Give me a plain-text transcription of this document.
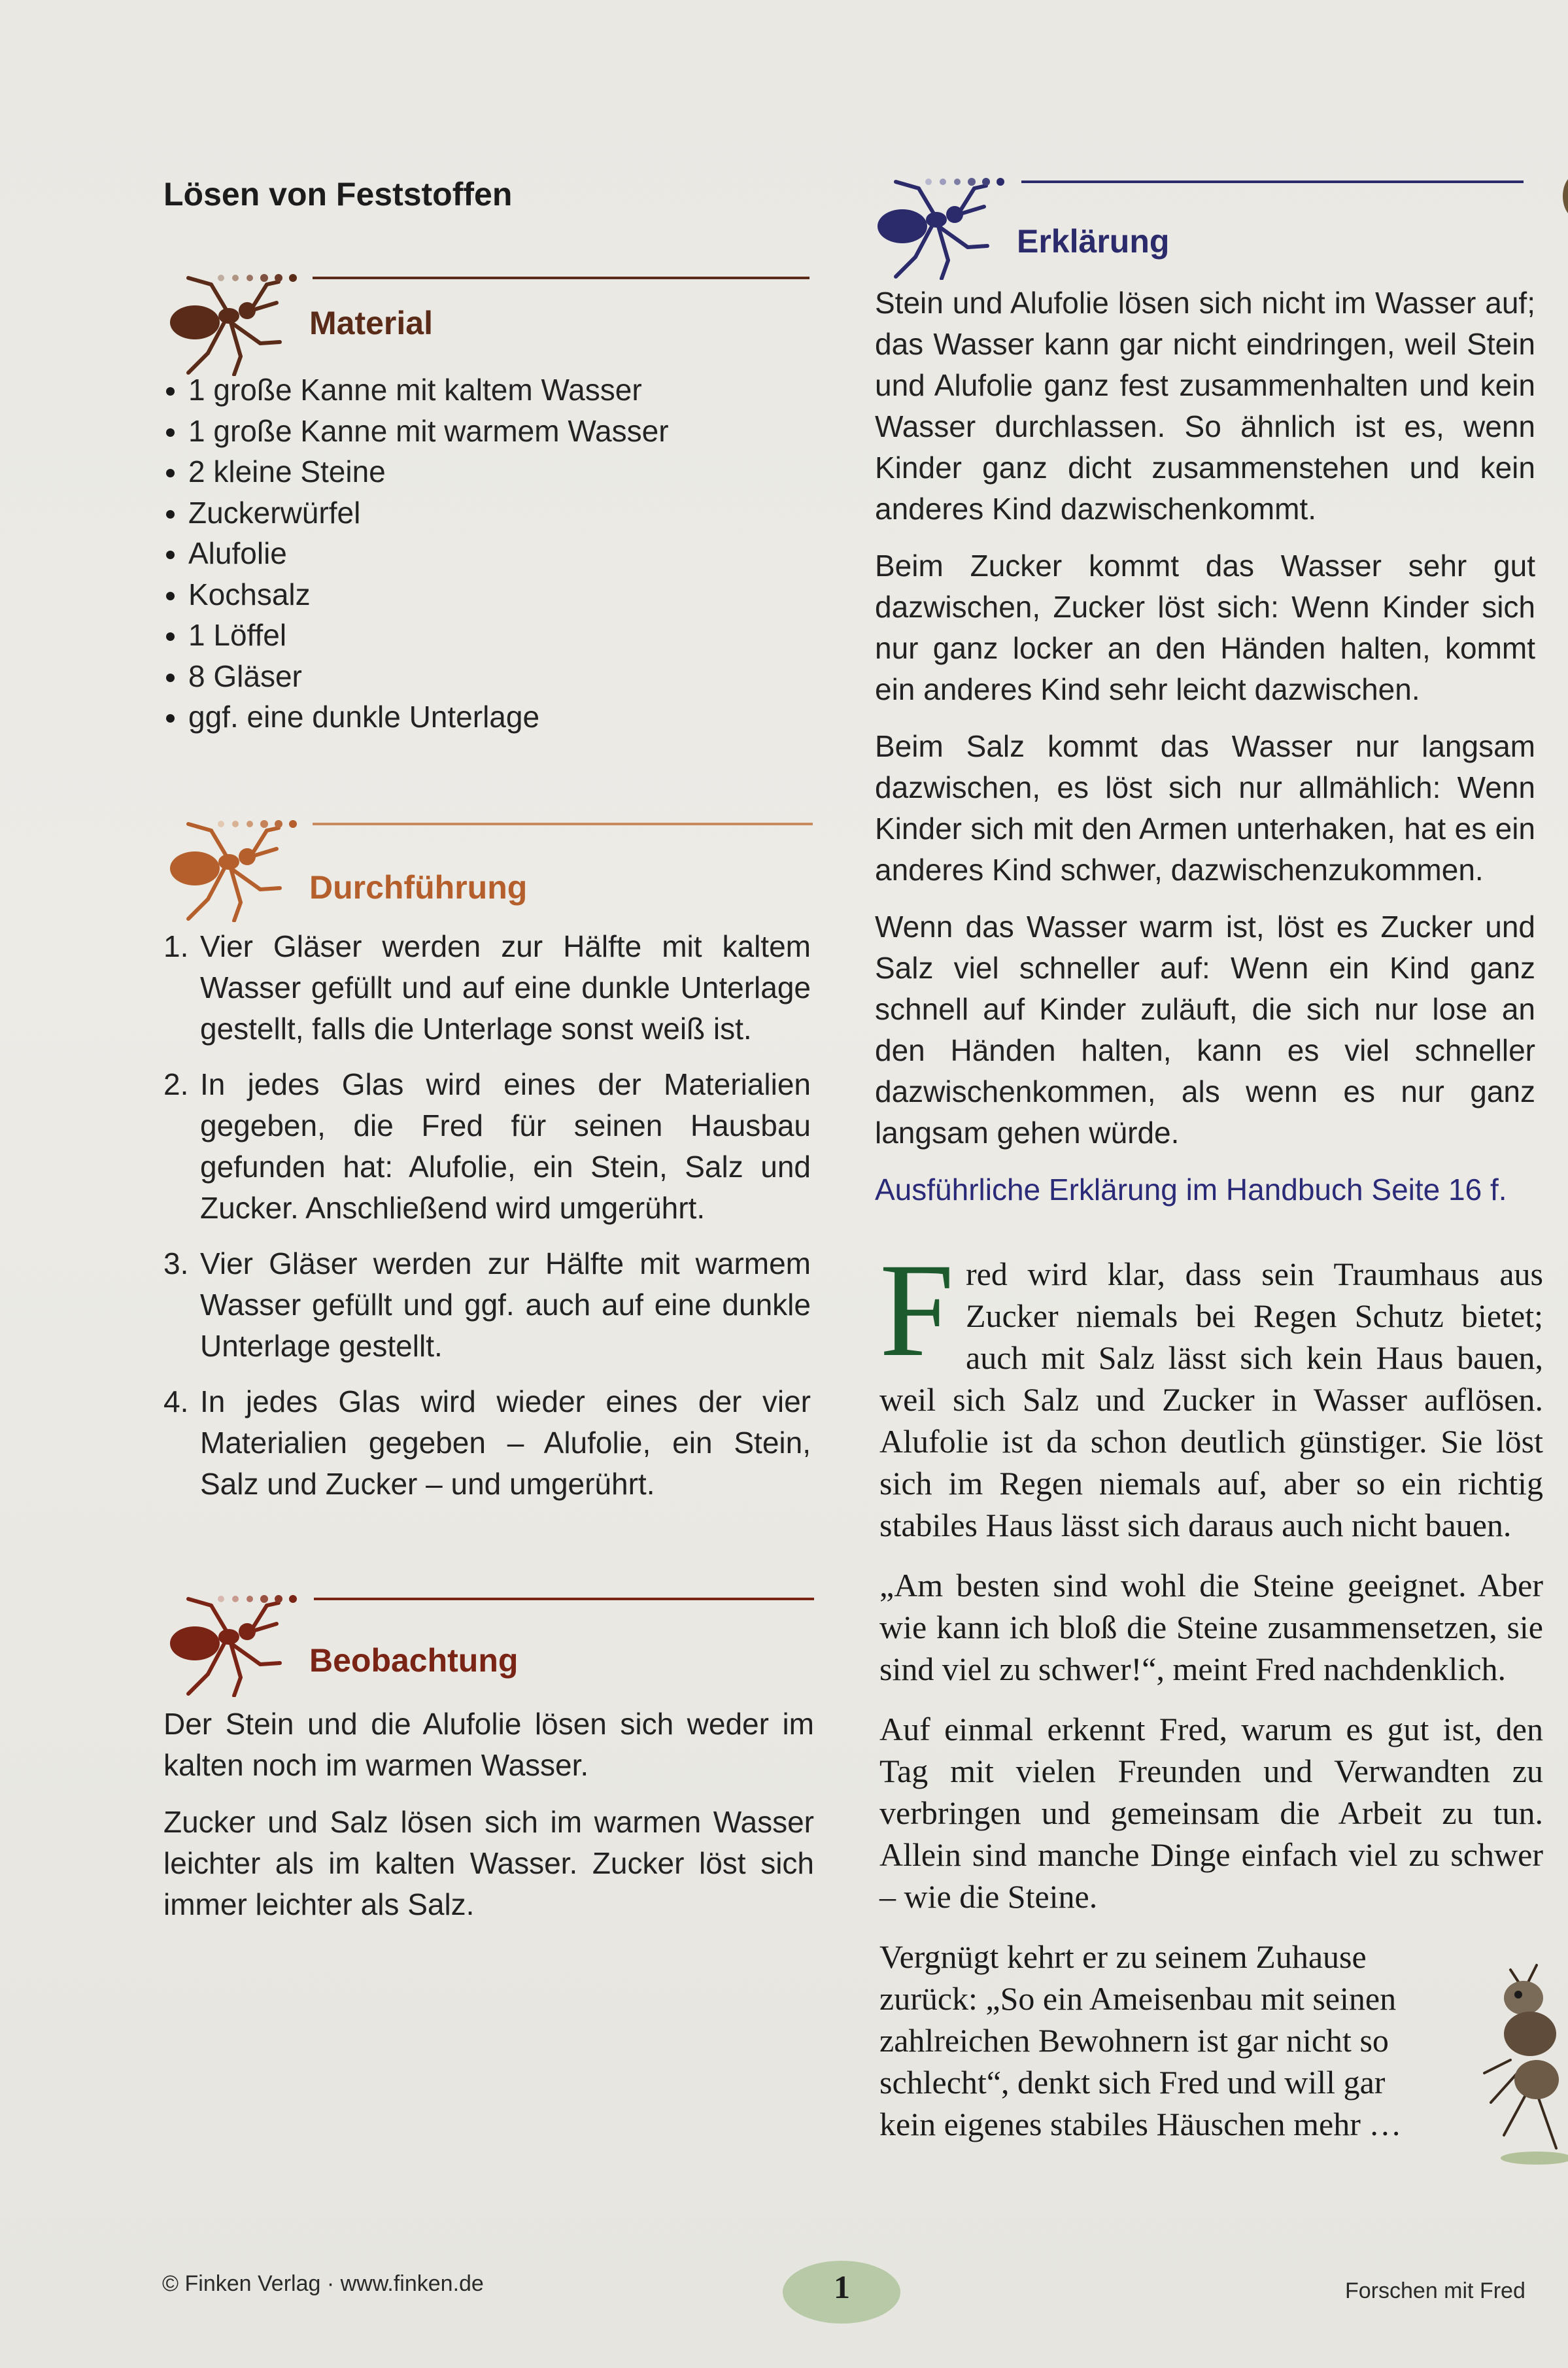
Lösen von Feststoffen
Material
1 große Kanne mit kaltem Wasser
1 große Kanne mit warmem Wasser
2 kleine Steine
Zuckerwürfel
Alufolie
Kochsalz
1 Löffel
8 Gläser
ggf. eine dunkle Unterlage
Durchführung
1. Vier Gläser werden zur Hälfte mit kaltem Wasser gefüllt und auf eine dunkle Unterlage gestellt, falls die Unterlage sonst weiß ist.
2. In jedes Glas wird eines der Materialien gegeben, die Fred für seinen Hausbau gefunden hat: Alufolie, ein Stein, Salz und Zucker. Anschließend wird umgerührt.
3. Vier Gläser werden zur Hälfte mit warmem Wasser gefüllt und ggf. auch auf eine dunkle Unterlage gestellt.
4. In jedes Glas wird wieder eines der vier Materialien gegeben – Alufolie, ein Stein, Salz und Zucker – und umgerührt.
Beobachtung

Der Stein und die Alufolie lösen sich weder im kalten noch im warmen Wasser.

Zucker und Salz lösen sich im warmen Wasser leichter als im kalten Wasser. Zucker löst sich immer leichter als Salz.

Erklärung

Stein und Alufolie lösen sich nicht im Wasser auf; das Wasser kann gar nicht eindringen, weil Stein und Alufolie ganz fest zusammenhalten und kein Wasser durchlassen. So ähnlich ist es, wenn Kinder ganz dicht zusammenstehen und kein anderes Kind dazwischenkommt.

Beim Zucker kommt das Wasser sehr gut dazwischen, Zucker löst sich: Wenn Kinder sich nur ganz locker an den Händen halten, kommt ein anderes Kind sehr leicht dazwischen.

Beim Salz kommt das Wasser nur langsam dazwischen, es löst sich nur allmählich: Wenn Kinder sich mit den Armen unterhaken, hat es ein anderes Kind schwer, dazwischenzukommen.

Wenn das Wasser warm ist, löst es Zucker und Salz viel schneller auf: Wenn ein Kind ganz schnell auf Kinder zuläuft, die sich nur lose an den Händen halten, kann es viel schneller dazwischenkommen, als wenn es nur ganz langsam gehen würde.

Ausführliche Erklärung im Handbuch Seite 16 f.

Fred wird klar, dass sein Traumhaus aus Zucker niemals bei Regen Schutz bietet; auch mit Salz lässt sich kein Haus bauen, weil sich Salz und Zucker in Wasser auflösen. Alufolie ist da schon deutlich günstiger. Sie löst sich im Regen niemals auf, aber so ein richtig stabiles Haus lässt sich daraus auch nicht bauen.

„Am besten sind wohl die Steine geeignet. Aber wie kann ich bloß die Steine zusammensetzen, sie sind viel zu schwer!“, meint Fred nachdenklich.

Auf einmal erkennt Fred, warum es gut ist, den Tag mit vielen Freunden und Verwandten zu verbringen und gemeinsam die Arbeit zu tun. Allein sind manche Dinge einfach viel zu schwer – wie die Steine.

Vergnügt kehrt er zu seinem Zuhause zurück: „So ein Ameisenbau mit seinen zahlreichen Bewohnern ist gar nicht so schlecht“, denkt sich Fred und will gar kein eigenes stabiles Häuschen mehr …

© Finken Verlag · www.finken.de	1	Forschen mit Fred
